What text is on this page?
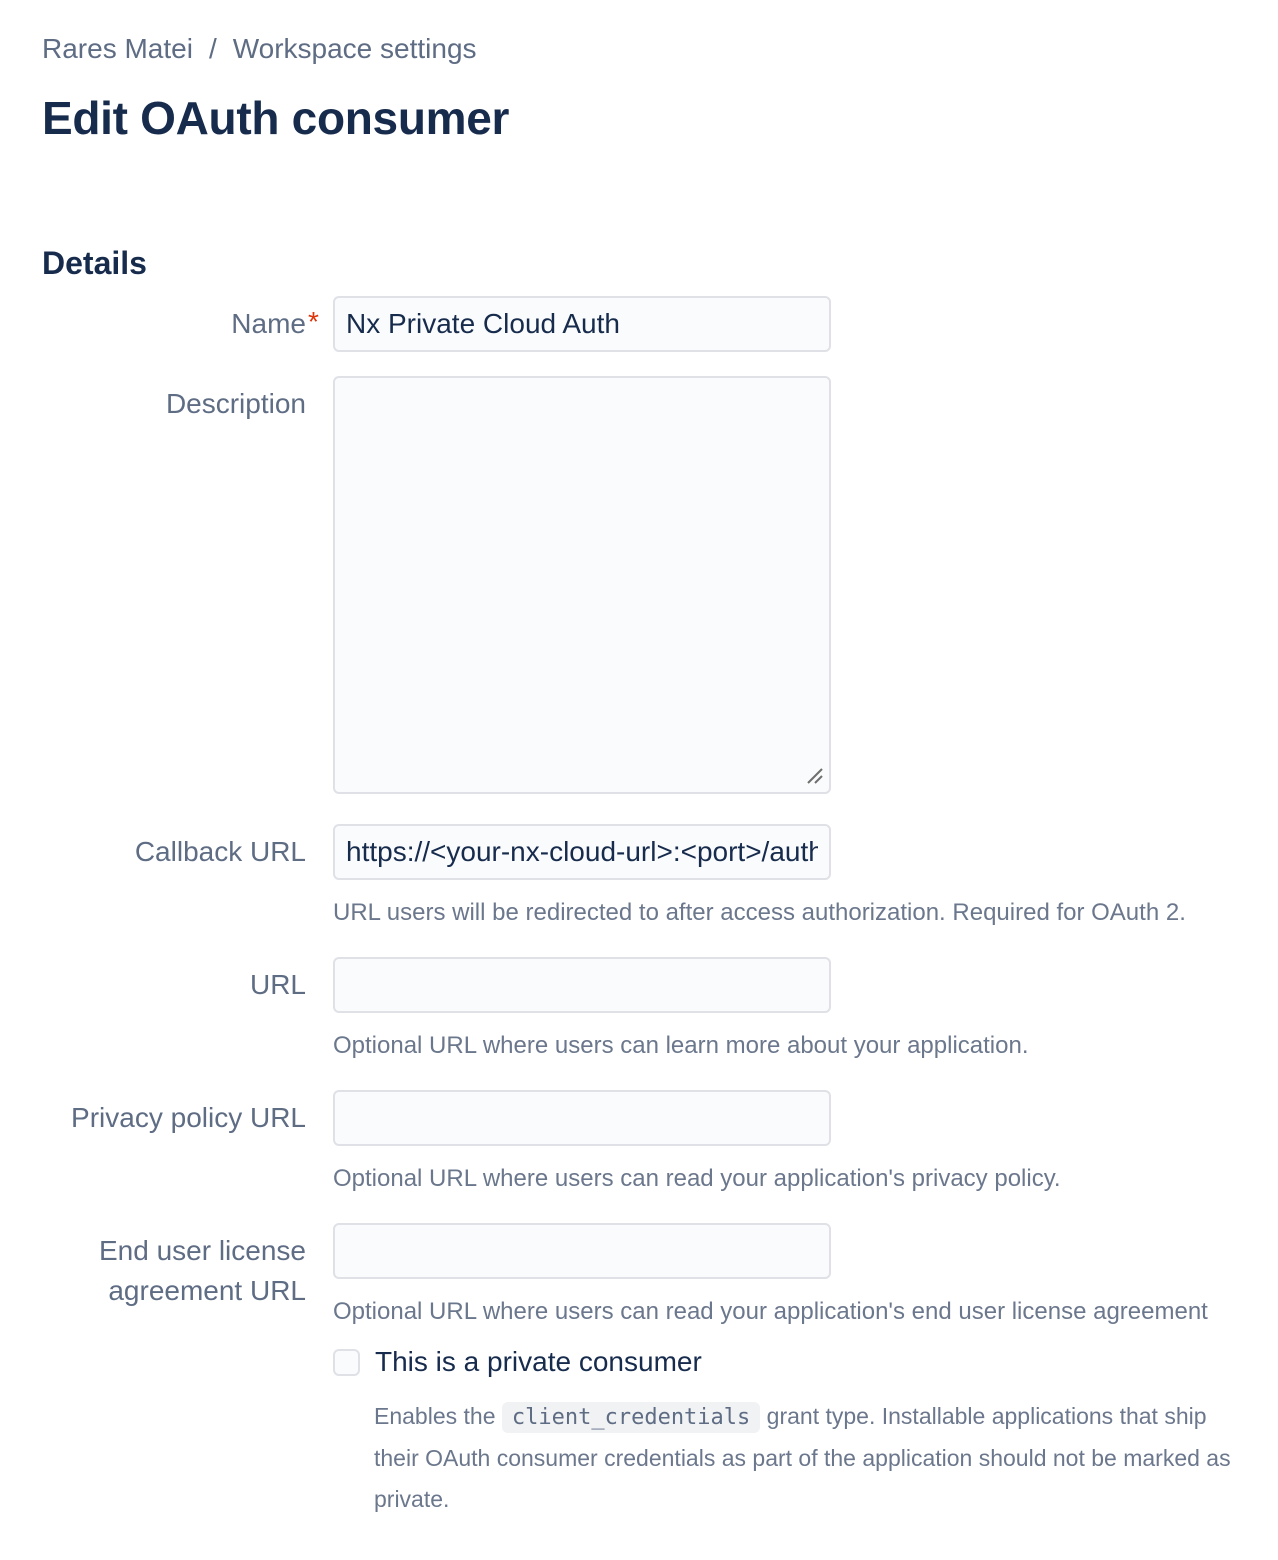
Rares Matei / Workspace settings
Edit OAuth consumer
Details
Name *
Nx Private Cloud Auth
Description
Callback URL
https://<your-nx-cloud-url>:<port>/auth

URL users will be redirected to after access authorization. Required for OAuth 2.

URL

Optional URL where users can learn more about your application.

Privacy policy URL

Optional URL where users can read your application's privacy policy.

End user license agreement URL

Optional URL where users can read your application's end user license agreement

This is a private consumer

Enables the client_credentials grant type. Installable applications that ship their OAuth consumer credentials as part of the application should not be marked as private.
